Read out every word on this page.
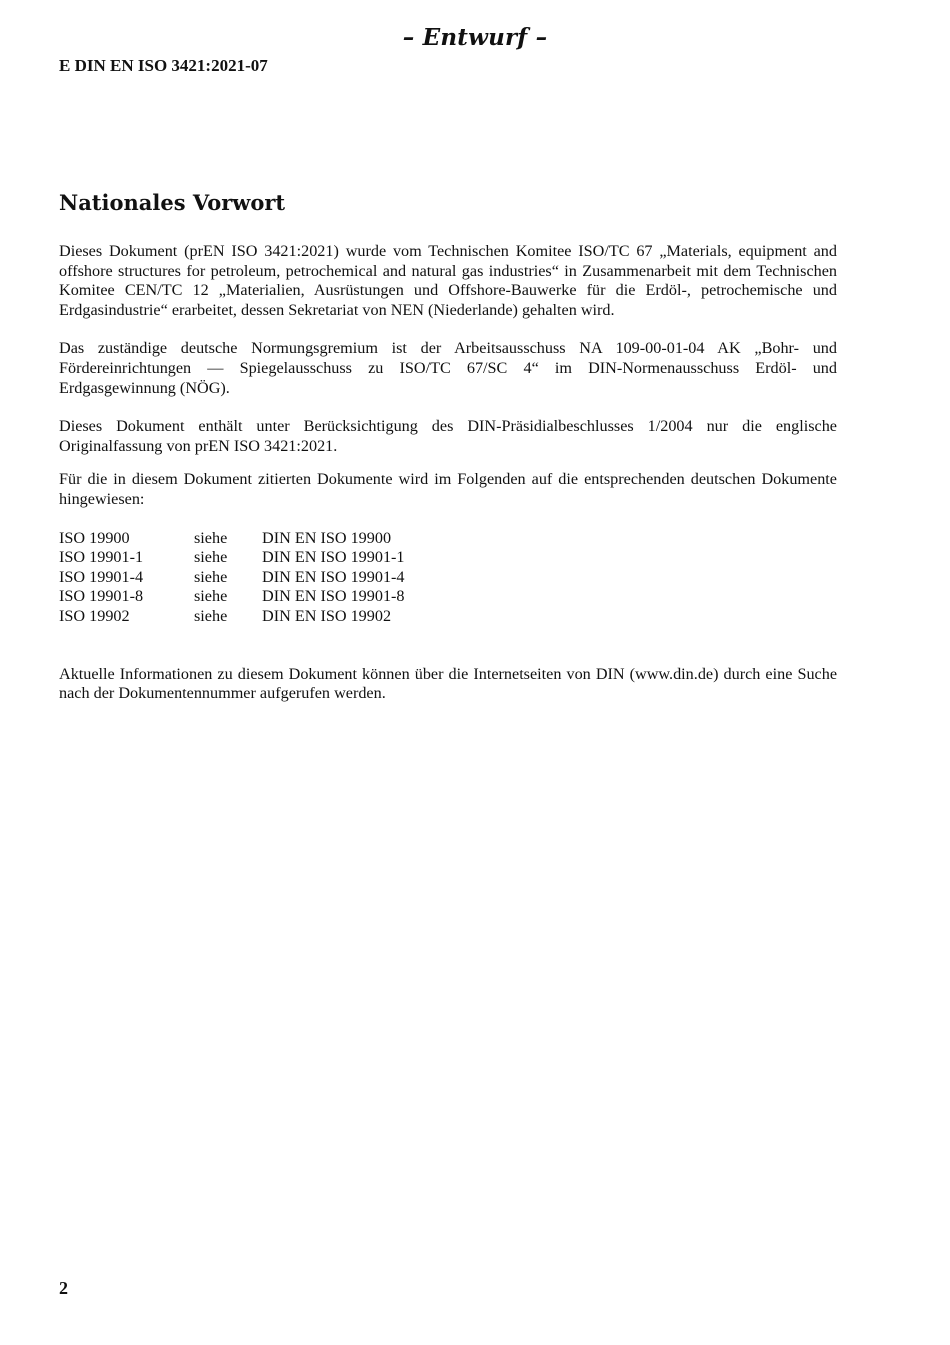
– Entwurf –
E DIN EN ISO 3421:2021-07
Nationales Vorwort

Dieses Dokument (prEN ISO 3421:2021) wurde vom Technischen Komitee ISO/TC 67 „Materials, equipment and offshore structures for petroleum, petrochemical and natural gas industries“ in Zusammenarbeit mit dem Technischen Komitee CEN/TC 12 „Materialien, Ausrüstungen und Offshore-Bauwerke für die Erdöl-, petrochemische und Erdgasindustrie“ erarbeitet, dessen Sekretariat von NEN (Niederlande) gehalten wird.

Das zuständige deutsche Normungsgremium ist der Arbeitsausschuss NA 109-00-01-04 AK „Bohr- und Fördereinrichtungen — Spiegelausschuss zu ISO/TC 67/SC 4“ im DIN-Normenausschuss Erdöl- und Erdgasgewinnung (NÖG).

Dieses Dokument enthält unter Berücksichtigung des DIN-Präsidialbeschlusses 1/2004 nur die englische Originalfassung von prEN ISO 3421:2021.

Für die in diesem Dokument zitierten Dokumente wird im Folgenden auf die entsprechenden deutschen Dokumente hingewiesen:

ISO 19900	siehe	DIN EN ISO 19900
ISO 19901-1	siehe	DIN EN ISO 19901-1
ISO 19901-4	siehe	DIN EN ISO 19901-4
ISO 19901-8	siehe	DIN EN ISO 19901-8
ISO 19902	siehe	DIN EN ISO 19902

Aktuelle Informationen zu diesem Dokument können über die Internetseiten von DIN (www.din.de) durch eine Suche nach der Dokumentennummer aufgerufen werden.

2
